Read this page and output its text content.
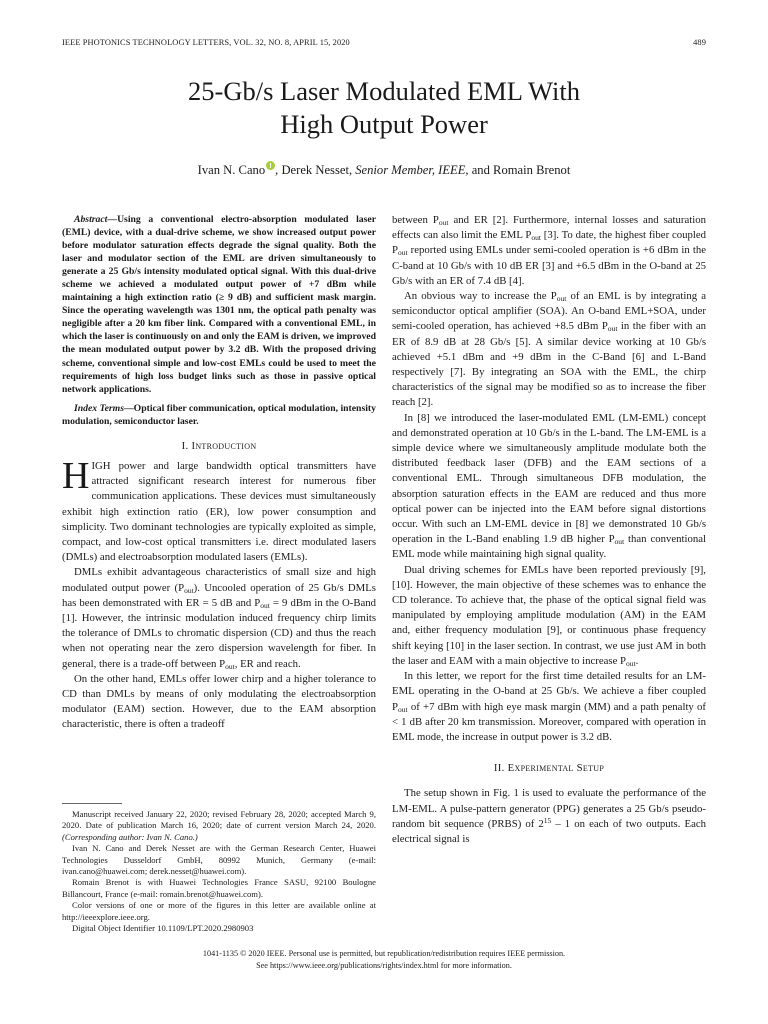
IEEE PHOTONICS TECHNOLOGY LETTERS, VOL. 32, NO. 8, APRIL 15, 2020	489
25-Gb/s Laser Modulated EML With
High Output Power
Ivan N. Cano , Derek Nesset, Senior Member, IEEE, and Romain Brenot

Abstract—Using a conventional electro-absorption modulated laser (EML) device, with a dual-drive scheme, we show increased output power before modulator saturation effects degrade the signal quality. Both the laser and modulator section of the EML are driven simultaneously to generate a 25 Gb/s intensity modulated optical signal. With this dual-drive scheme we achieved a modulated output power of +7 dBm while maintaining a high extinction ratio (≥ 9 dB) and sufficient mask margin. Since the operating wavelength was 1301 nm, the optical path penalty was negligible after a 20 km fiber link. Compared with a conventional EML, in which the laser is continuously on and only the EAM is driven, we improved the mean modulated output power by 3.2 dB. With the proposed driving scheme, conventional simple and low-cost EMLs could be used to meet the requirements of high loss budget links such as those in passive optical network applications.

Index Terms—Optical fiber communication, optical modulation, intensity modulation, semiconductor laser.

I. Introduction

HIGH power and large bandwidth optical transmitters have attracted significant research interest for numerous fiber communication applications. These devices must simultaneously exhibit high extinction ratio (ER), low power consumption and simplicity. Two dominant technologies are typically exploited as simple, compact, and low-cost optical transmitters i.e. direct modulated lasers (DMLs) and electroabsorption modulated lasers (EMLs).

DMLs exhibit advantageous characteristics of small size and high modulated output power $(P_{out})$. Uncooled operation of 25 Gb/s DMLs has been demonstrated with ER = 5 dB and $P_{out} = 9$ dBm in the O-Band [1]. However, the intrinsic modulation induced frequency chirp limits the tolerance of DMLs to chromatic dispersion (CD) and thus the reach when not operating near the zero dispersion wavelength for fiber. In general, there is a trade-off between $P_{out}$, ER and reach.

On the other hand, EMLs offer lower chirp and a higher tolerance to CD than DMLs by means of only modulating the electroabsorption modulator (EAM) section. However, due to the EAM absorption characteristic, there is often a tradeoff

Manuscript received January 22, 2020; revised February 28, 2020; accepted March 9, 2020. Date of publication March 16, 2020; date of current version March 24, 2020. (Corresponding author: Ivan N. Cano.)

Ivan N. Cano and Derek Nesset are with the German Research Center, Huawei Technologies Dusseldorf GmbH, 80992 Munich, Germany (e-mail: ivan.cano@huawei.com; derek.nesset@huawei.com).

Romain Brenot is with Huawei Technologies France SASU, 92100 Boulogne Billancourt, France (e-mail: romain.brenot@huawei.com).

Color versions of one or more of the figures in this letter are available online at http://ieeexplore.ieee.org.

Digital Object Identifier 10.1109/LPT.2020.2980903

between $P_{out}$ and ER [2]. Furthermore, internal losses and saturation effects can also limit the EML $P_{out}$ [3]. To date, the highest fiber coupled $P_{out}$ reported using EMLs under semi-cooled operation is +6 dBm in the C-band at 10 Gb/s with 10 dB ER [3] and +6.5 dBm in the O-band at 25 Gb/s with an ER of 7.4 dB [4].

An obvious way to increase the $P_{out}$ of an EML is by integrating a semiconductor optical amplifier (SOA). An O-band EML+SOA, under semi-cooled operation, has achieved +8.5 dBm $P_{out}$ in the fiber with an ER of 8.9 dB at 28 Gb/s [5]. A similar device working at 10 Gb/s achieved +5.1 dBm and +9 dBm in the C-Band [6] and L-Band respectively [7]. By integrating an SOA with the EML, the chirp characteristics of the signal may be modified so as to increase the fiber reach [2].

In [8] we introduced the laser-modulated EML (LM-EML) concept and demonstrated operation at 10 Gb/s in the L-band. The LM-EML is a simple device where we simultaneously amplitude modulate both the distributed feedback laser (DFB) and the EAM sections of a conventional EML. Through simultaneous DFB modulation, the absorption saturation effects in the EAM are reduced and thus more optical power can be injected into the EAM before signal distortions occur. With such an LM-EML device in [8] we demonstrated 10 Gb/s operation in the L-Band enabling 1.9 dB higher $P_{out}$ than conventional EML mode while maintaining high signal quality.

Dual driving schemes for EMLs have been reported previously [9], [10]. However, the main objective of these schemes was to enhance the CD tolerance. To achieve that, the phase of the optical signal field was manipulated by employing amplitude modulation (AM) in the EAM and, either frequency modulation [9], or continuous phase frequency shift keying [10] in the laser section. In contrast, we use just AM in both the laser and EAM with a main objective to increase $P_{out}$.

In this letter, we report for the first time detailed results for an LM-EML operating in the O-band at 25 Gb/s. We achieve a fiber coupled $P_{out}$ of +7 dBm with high eye mask margin (MM) and a path penalty of < 1 dB after 20 km transmission. Moreover, compared with operation in EML mode, the increase in output power is 3.2 dB.

II. Experimental Setup

The setup shown in Fig. 1 is used to evaluate the performance of the LM-EML. A pulse-pattern generator (PPG) generates a 25 Gb/s pseudo-random bit sequence (PRBS) of $2^{15} - 1$ on each of two outputs. Each electrical signal is

1041-1135 © 2020 IEEE. Personal use is permitted, but republication/redistribution requires IEEE permission.
See https://www.ieee.org/publications/rights/index.html for more information.
